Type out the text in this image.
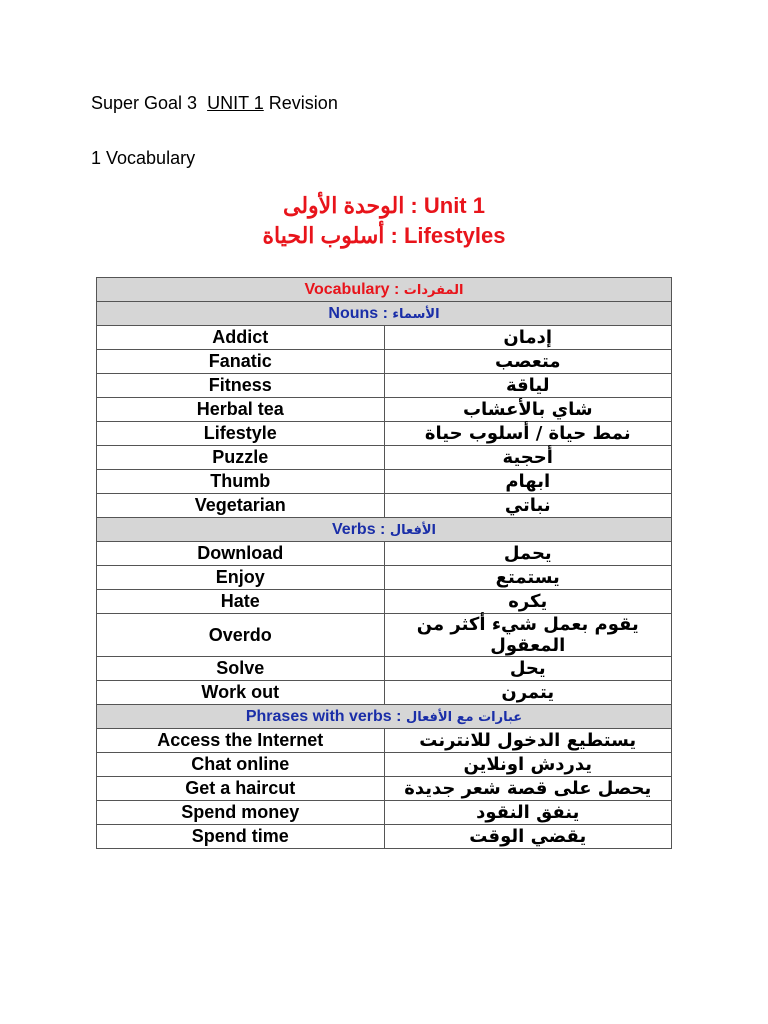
Super Goal 3 UNIT 1 Revision
1 Vocabulary
الوحدة الأولى : Unit 1
أسلوب الحياة : Lifestyles
Vocabulary : المفردات	
Nouns : الأسماء	
Addict	إدمان
Fanatic	متعصب
Fitness	لياقة
Herbal tea	شاي بالأعشاب
Lifestyle	نمط حياة / أسلوب حياة
Puzzle	أحجية
Thumb	ابهام
Vegetarian	نباتي
Verbs : الأفعال	
Download	يحمل
Enjoy	يستمتع
Hate	يكره
Overdo	يقوم بعمل شيء أكثر من المعقول
Solve	يحل
Work out	يتمرن
Phrases with verbs : عبارات مع الأفعال	
Access the Internet	يستطيع الدخول للانترنت
Chat online	يدردش اونلاين
Get a haircut	يحصل على قصة شعر جديدة
Spend money	ينفق النقود
Spend time	يقضي الوقت
